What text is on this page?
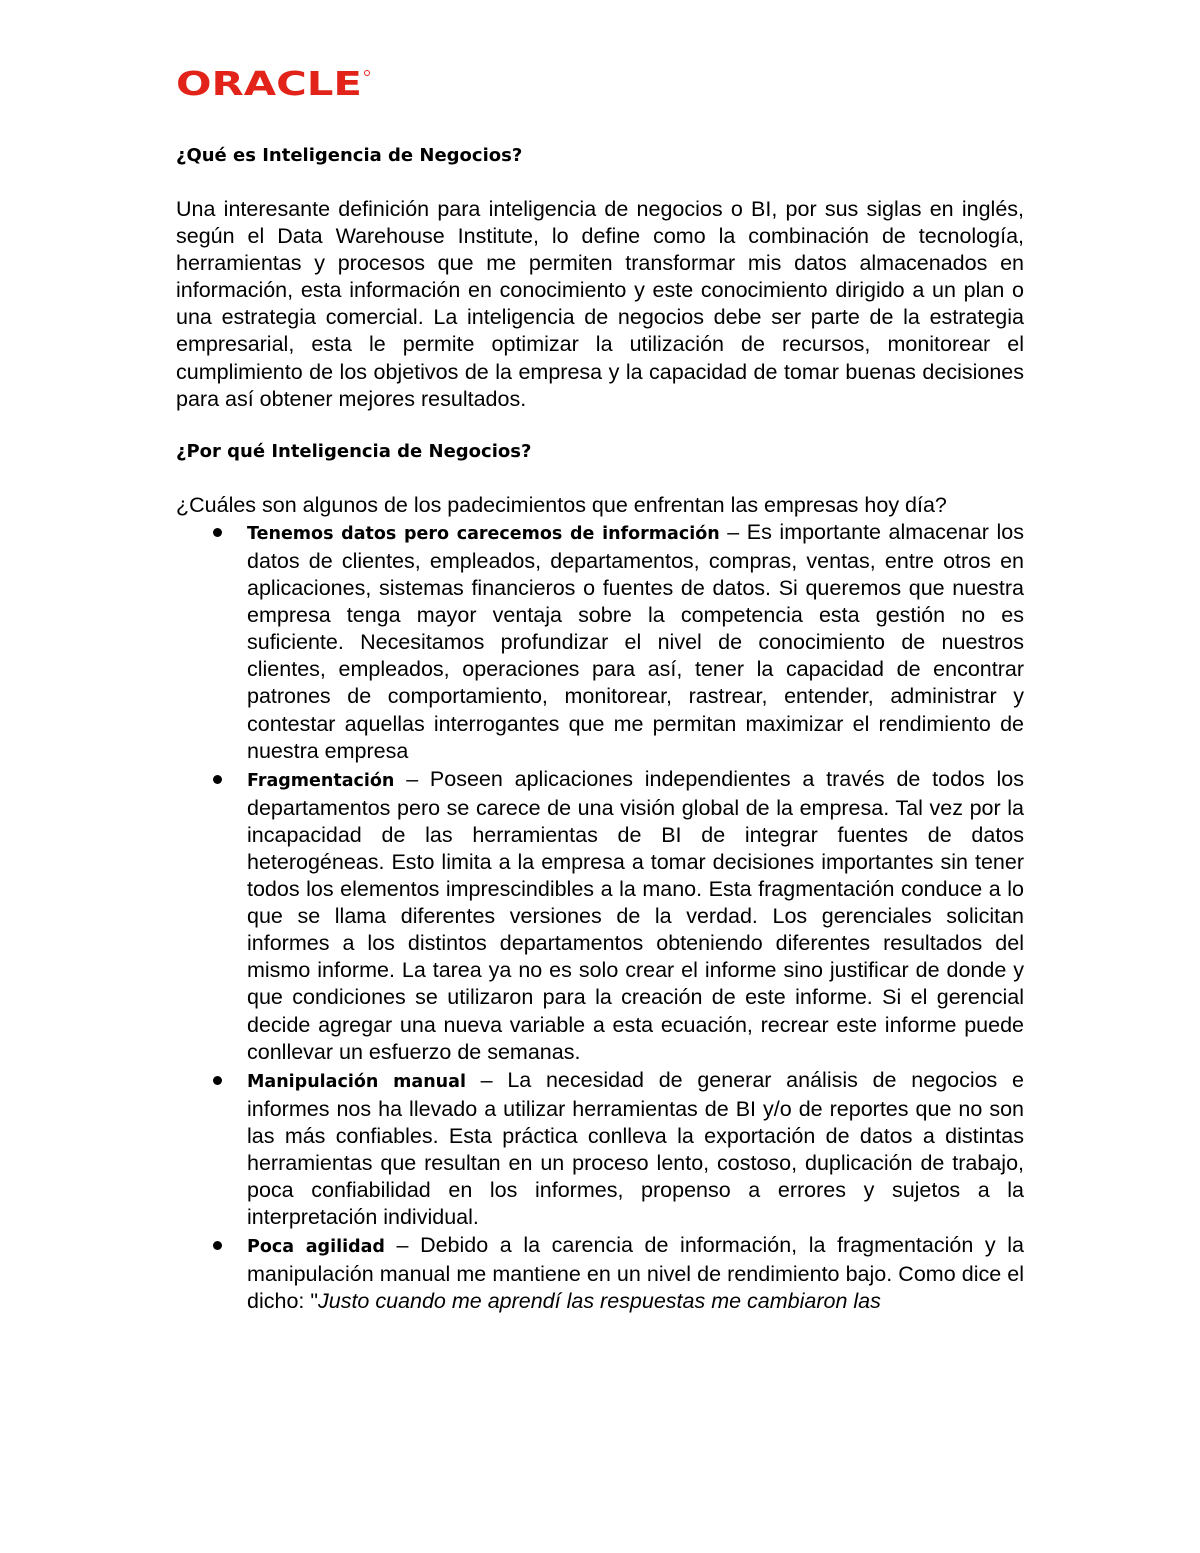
ORACLE

¿Qué es Inteligencia de Negocios?

Una interesante definición para inteligencia de negocios o BI, por sus siglas en inglés, según el Data Warehouse Institute, lo define como la combinación de tecnología, herramientas y procesos que me permiten transformar mis datos almacenados en información, esta información en conocimiento y este conocimiento dirigido a un plan o una estrategia comercial. La inteligencia de negocios debe ser parte de la estrategia empresarial, esta le permite optimizar la utilización de recursos, monitorear el cumplimiento de los objetivos de la empresa y la capacidad de tomar buenas decisiones para así obtener mejores resultados.

¿Por qué Inteligencia de Negocios?

¿Cuáles son algunos de los padecimientos que enfrentan las empresas hoy día?

Tenemos datos pero carecemos de información – Es importante almacenar los datos de clientes, empleados, departamentos, compras, ventas, entre otros en aplicaciones, sistemas financieros o fuentes de datos. Si queremos que nuestra empresa tenga mayor ventaja sobre la competencia esta gestión no es suficiente. Necesitamos profundizar el nivel de conocimiento de nuestros clientes, empleados, operaciones para así, tener la capacidad de encontrar patrones de comportamiento, monitorear, rastrear, entender, administrar y contestar aquellas interrogantes que me permitan maximizar el rendimiento de nuestra empresa
Fragmentación – Poseen aplicaciones independientes a través de todos los departamentos pero se carece de una visión global de la empresa. Tal vez por la incapacidad de las herramientas de BI de integrar fuentes de datos heterogéneas. Esto limita a la empresa a tomar decisiones importantes sin tener todos los elementos imprescindibles a la mano. Esta fragmentación conduce a lo que se llama diferentes versiones de la verdad. Los gerenciales solicitan informes a los distintos departamentos obteniendo diferentes resultados del mismo informe. La tarea ya no es solo crear el informe sino justificar de donde y que condiciones se utilizaron para la creación de este informe. Si el gerencial decide agregar una nueva variable a esta ecuación, recrear este informe puede conllevar un esfuerzo de semanas.
Manipulación manual – La necesidad de generar análisis de negocios e informes nos ha llevado a utilizar herramientas de BI y/o de reportes que no son las más confiables. Esta práctica conlleva la exportación de datos a distintas herramientas que resultan en un proceso lento, costoso, duplicación de trabajo, poca confiabilidad en los informes, propenso a errores y sujetos a la interpretación individual.
Poca agilidad – Debido a la carencia de información, la fragmentación y la manipulación manual me mantiene en un nivel de rendimiento bajo. Como dice el dicho: "Justo cuando me aprendí las respuestas me cambiaron las
